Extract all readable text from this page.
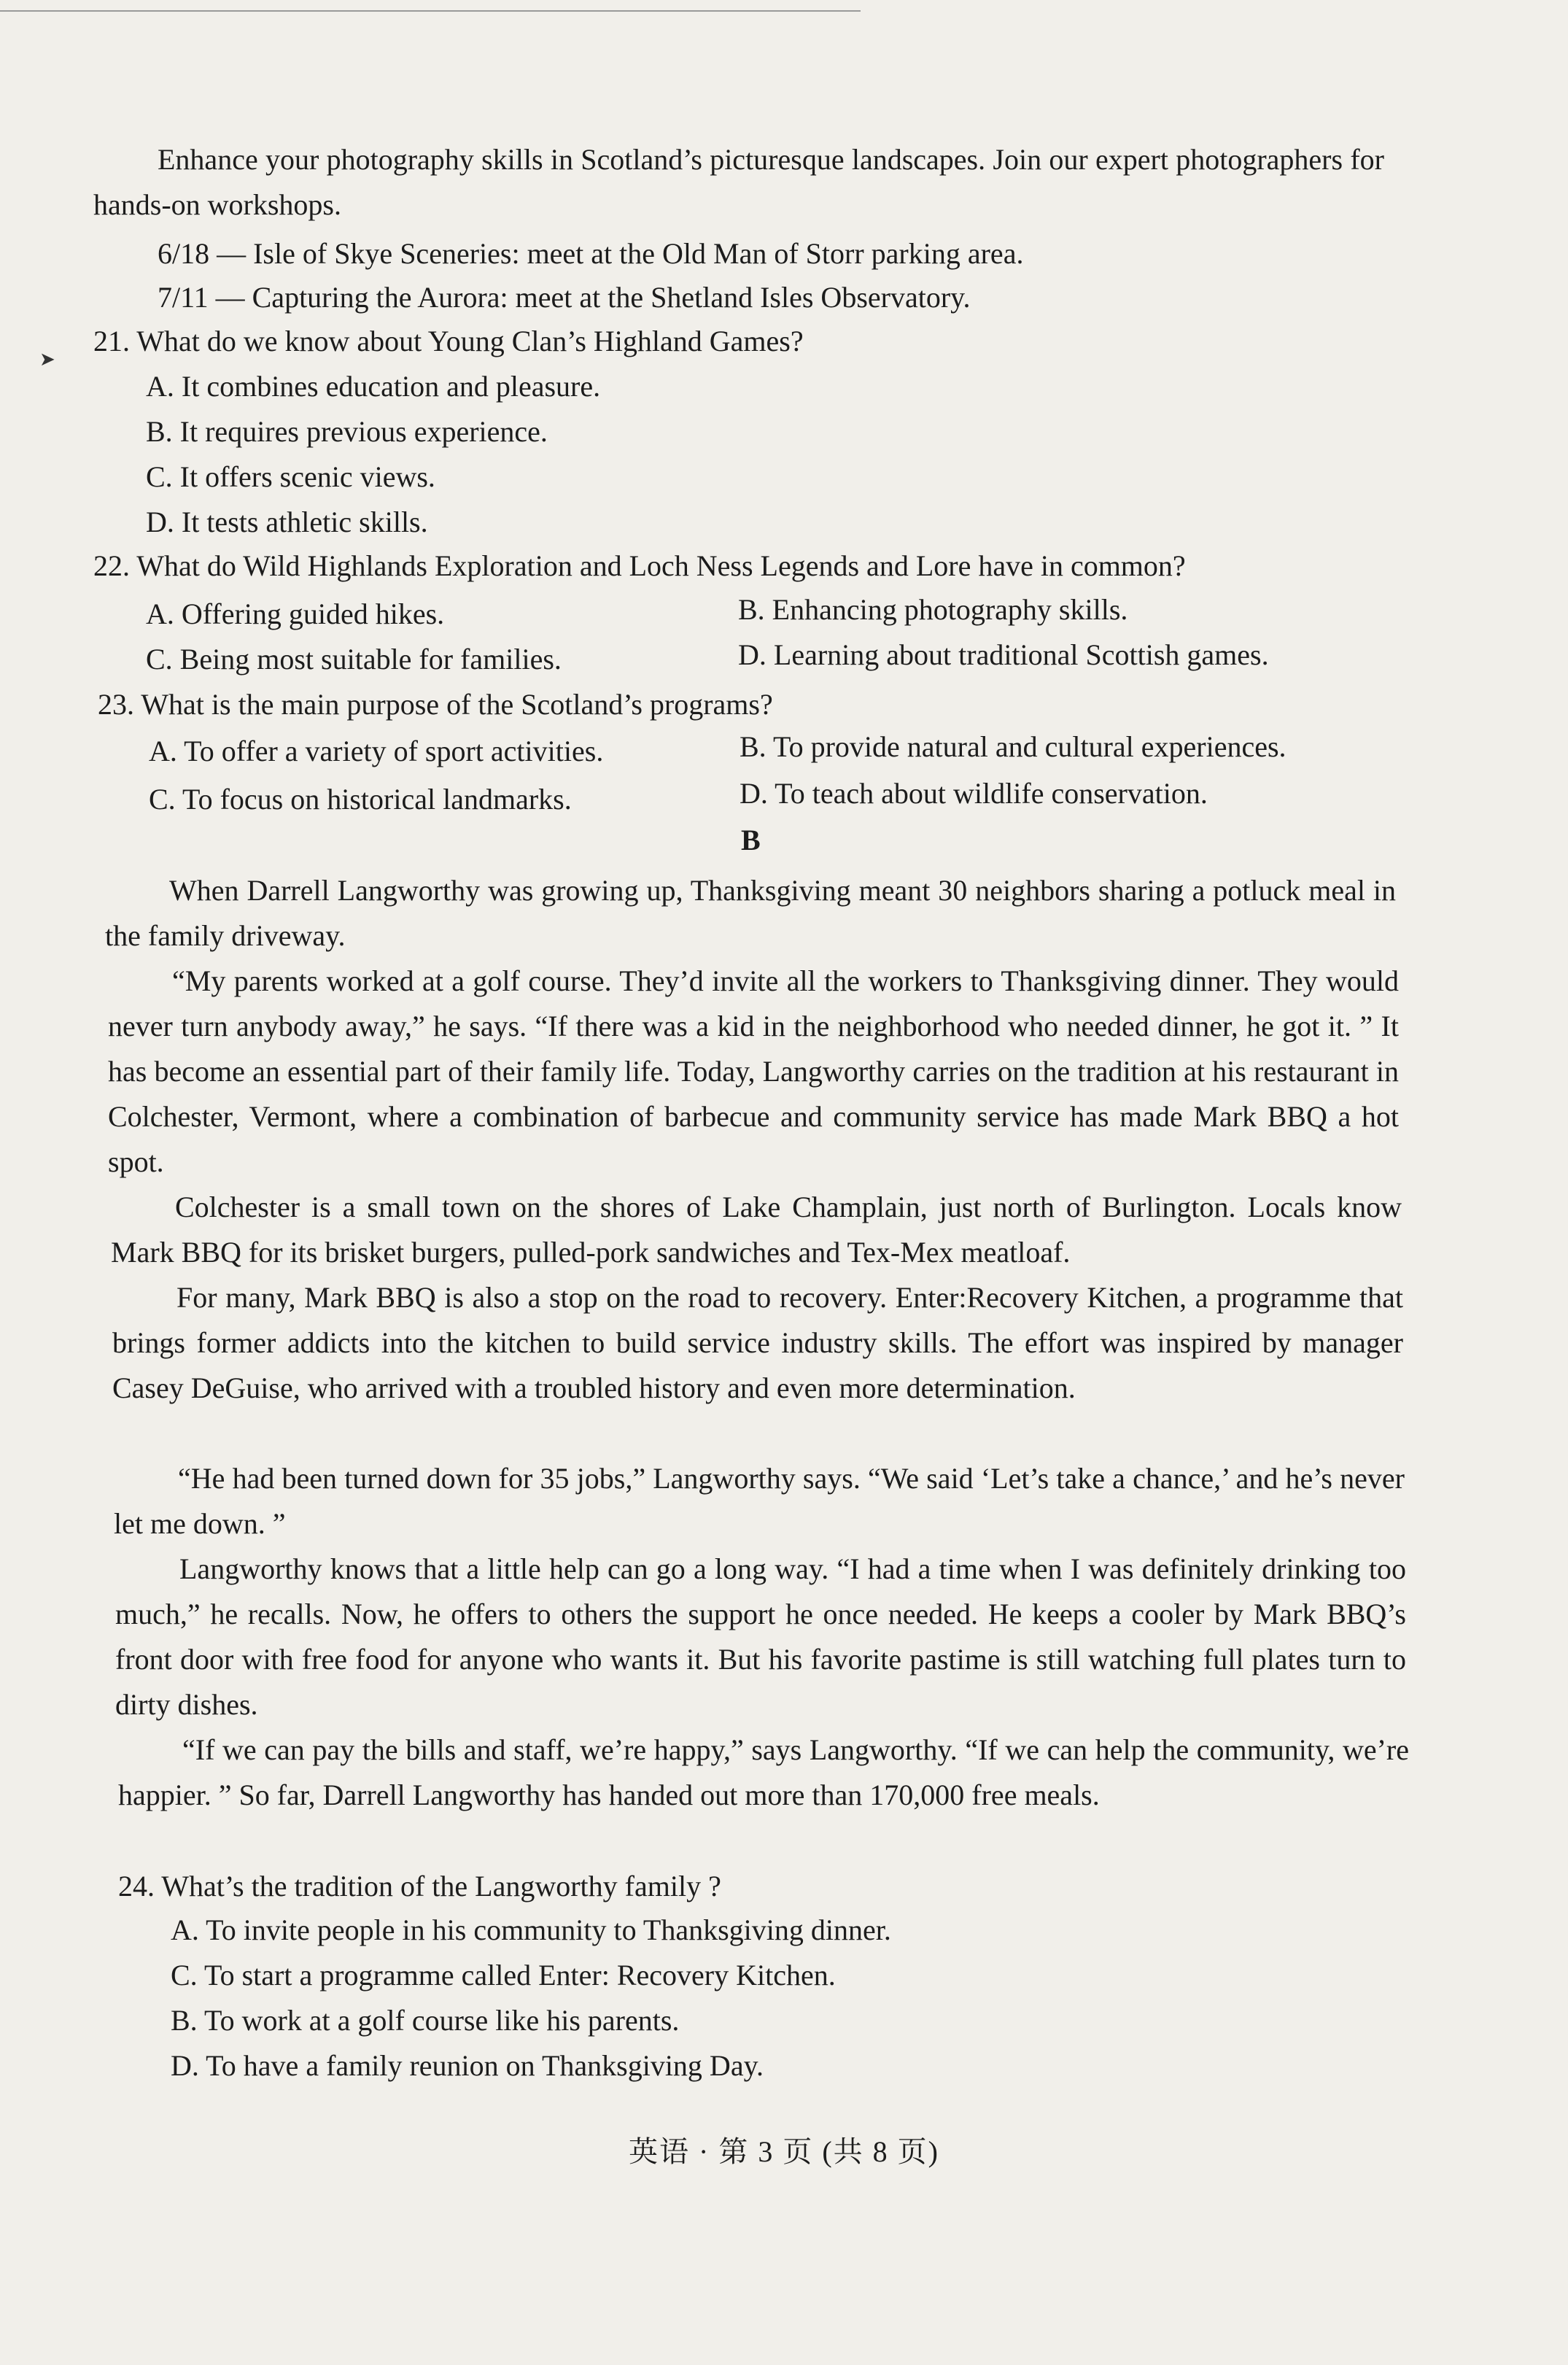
Enhance your photography skills in Scotland’s picturesque landscapes. Join our expert photographers for hands-on workshops.
6/18 — Isle of Skye Sceneries: meet at the Old Man of Storr parking area.
7/11 — Capturing the Aurora: meet at the Shetland Isles Observatory.
➤
21. What do we know about Young Clan’s Highland Games?
A. It combines education and pleasure.
B. It requires previous experience.
C. It offers scenic views.
D. It tests athletic skills.
22. What do Wild Highlands Exploration and Loch Ness Legends and Lore have in common?
A. Offering guided hikes.	B. Enhancing photography skills.
C. Being most suitable for families.	D. Learning about traditional Scottish games.
23. What is the main purpose of the Scotland’s programs?
A. To offer a variety of sport activities.	B. To provide natural and cultural experiences.
C. To focus on historical landmarks.	D. To teach about wildlife conservation.
B
When Darrell Langworthy was growing up, Thanksgiving meant 30 neighbors sharing a potluck meal in the family driveway.
“My parents worked at a golf course. They’d invite all the workers to Thanksgiving dinner. They would never turn anybody away,” he says. “If there was a kid in the neighborhood who needed dinner, he got it. ” It has become an essential part of their family life. Today, Langworthy carries on the tradition at his restaurant in Colchester, Vermont, where a combination of barbecue and community service has made Mark BBQ a hot spot.
Colchester is a small town on the shores of Lake Champlain, just north of Burlington. Locals know Mark BBQ for its brisket burgers, pulled-pork sandwiches and Tex-Mex meatloaf.
For many, Mark BBQ is also a stop on the road to recovery. Enter:Recovery Kitchen, a programme that brings former addicts into the kitchen to build service industry skills. The effort was inspired by manager Casey DeGuise, who arrived with a troubled history and even more determination.
“He had been turned down for 35 jobs,” Langworthy says. “We said ‘Let’s take a chance,’ and he’s never let me down. ”
Langworthy knows that a little help can go a long way. “I had a time when I was definitely drinking too much,” he recalls. Now, he offers to others the support he once needed. He keeps a cooler by Mark BBQ’s front door with free food for anyone who wants it. But his favorite pastime is still watching full plates turn to dirty dishes.
“If we can pay the bills and staff, we’re happy,” says Langworthy. “If we can help the community, we’re happier. ” So far, Darrell Langworthy has handed out more than 170,000 free meals.
24. What’s the tradition of the Langworthy family ?
A. To invite people in his community to Thanksgiving dinner.
C. To start a programme called Enter: Recovery Kitchen.
B. To work at a golf course like his parents.
D. To have a family reunion on Thanksgiving Day.
英语 · 第 3 页 (共 8 页)
